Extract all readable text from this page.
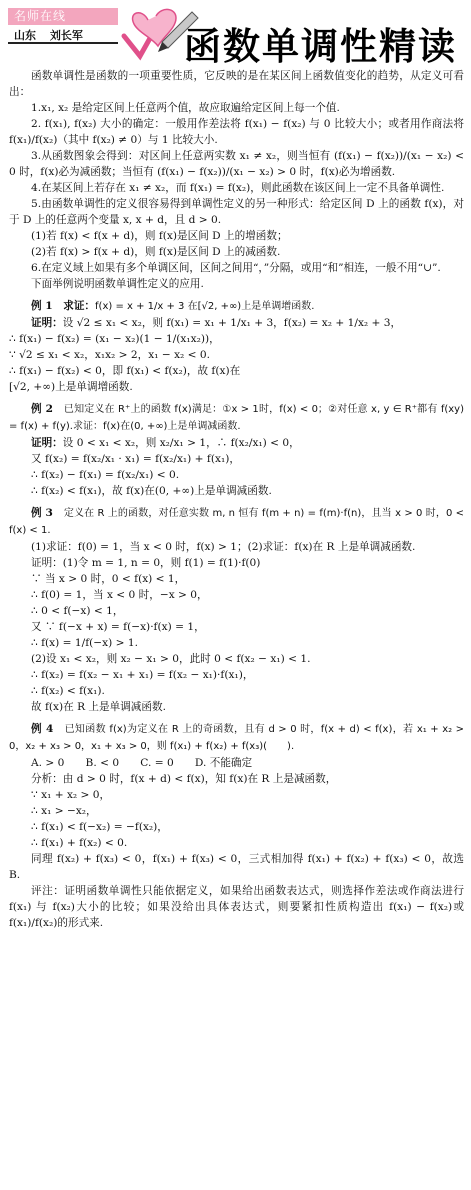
名师在线
山东 刘长军	函数单调性精读

函数单调性是函数的一项重要性质，它反映的是在某区间上函数值变化的趋势，从定义可看出：

1.x₁, x₂ 是给定区间上任意两个值，故应取遍给定区间上每一个值.

2. f(x₁), f(x₂) 大小的确定：一般用作差法将 f(x₁) − f(x₂) 与 0 比较大小；或者用作商法将 f(x₁)/f(x₂)（其中 f(x₂) ≠ 0）与 1 比较大小.

3.从函数图象会得到：对区间上任意两实数 x₁ ≠ x₂，则当恒有 (f(x₁) − f(x₂))/(x₁ − x₂) < 0 时，f(x)必为减函数；当恒有 (f(x₁) − f(x₂))/(x₁ − x₂) > 0 时，f(x)必为增函数.

4.在某区间上若存在 x₁ ≠ x₂，而 f(x₁) = f(x₂)，则此函数在该区间上一定不具备单调性.

5.由函数单调性的定义很容易得到单调性定义的另一种形式：给定区间 D 上的函数 f(x)，对于 D 上的任意两个变量 x, x + d，且 d > 0.

(1)若 f(x) < f(x + d)，则 f(x)是区间 D 上的增函数；

(2)若 f(x) > f(x + d)，则 f(x)是区间 D 上的减函数.

6.在定义域上如果有多个单调区间，区间之间用“，”分隔，或用“和”相连，一般不用“∪”.

下面举例说明函数单调性定义的应用.

例 1　求证：f(x) = x + 1/x + 3 在[√2, +∞)上是单调增函数.

证明：设 √2 ≤ x₁ < x₂，则 f(x₁) = x₁ + 1/x₁ + 3，f(x₂) = x₂ + 1/x₂ + 3，

∴ f(x₁) − f(x₂) = (x₁ − x₂)(1 − 1/(x₁x₂))，

∵ √2 ≤ x₁ < x₂，x₁x₂ > 2，x₁ − x₂ < 0.

∴ f(x₁) − f(x₂) < 0，即 f(x₁) < f(x₂)，故 f(x)在

[√2, +∞)上是单调增函数.

例 2　 已知定义在 R⁺上的函数 f(x)满足：①x > 1时，f(x) < 0；②对任意 x, y ∈ R⁺都有 f(xy) = f(x) + f(y).求证：f(x)在(0, +∞)上是单调减函数.

证明：设 0 < x₁ < x₂，则 x₂/x₁ > 1，∴ f(x₂/x₁) < 0，

又 f(x₂) = f(x₂/x₁ · x₁) = f(x₂/x₁) + f(x₁)，

∴ f(x₂) − f(x₁) = f(x₂/x₁) < 0.

∴ f(x₂) < f(x₁)，故 f(x)在(0, +∞)上是单调减函数.

例 3　 定义在 R 上的函数，对任意实数 m, n 恒有 f(m + n) = f(m)·f(n)，且当 x > 0 时，0 < f(x) < 1.

(1)求证：f(0) = 1，当 x < 0 时，f(x) > 1；(2)求证：f(x)在 R 上是单调减函数.

证明：(1)令 m = 1, n = 0，则 f(1) = f(1)·f(0)

∵ 当 x > 0 时，0 < f(x) < 1，

∴ f(0) = 1，当 x < 0 时，−x > 0，

∴ 0 < f(−x) < 1，

又 ∵ f(−x + x) = f(−x)·f(x) = 1，

∴ f(x) = 1/f(−x) > 1.

(2)设 x₁ < x₂，则 x₂ − x₁ > 0，此时 0 < f(x₂ − x₁) < 1.

∴ f(x₂) = f(x₂ − x₁ + x₁) = f(x₂ − x₁)·f(x₁)，

∴ f(x₂) < f(x₁).

故 f(x)在 R 上是单调减函数.

例 4　 已知函数 f(x)为定义在 R 上的奇函数，且有 d > 0 时，f(x + d) < f(x)，若 x₁ + x₂ > 0，x₂ + x₃ > 0，x₁ + x₃ > 0，则 f(x₁) + f(x₂) + f(x₃)(　　).

A. > 0　　B. < 0　　C. = 0　　D. 不能确定

分析：由 d > 0 时，f(x + d) < f(x)，知 f(x)在 R 上是减函数，

∵ x₁ + x₂ > 0，

∴ x₁ > −x₂，

∴ f(x₁) < f(−x₂) = −f(x₂)，

∴ f(x₁) + f(x₂) < 0.

同理 f(x₂) + f(x₃) < 0，f(x₁) + f(x₃) < 0，三式相加得 f(x₁) + f(x₂) + f(x₃) < 0，故选 B.

评注：证明函数单调性只能依据定义，如果给出函数表达式，则选择作差法或作商法进行 f(x₁) 与 f(x₂)大小的比较；如果没给出具体表达式，则要紧扣性质构造出 f(x₁) − f(x₂)或 f(x₁)/f(x₂)的形式来.
